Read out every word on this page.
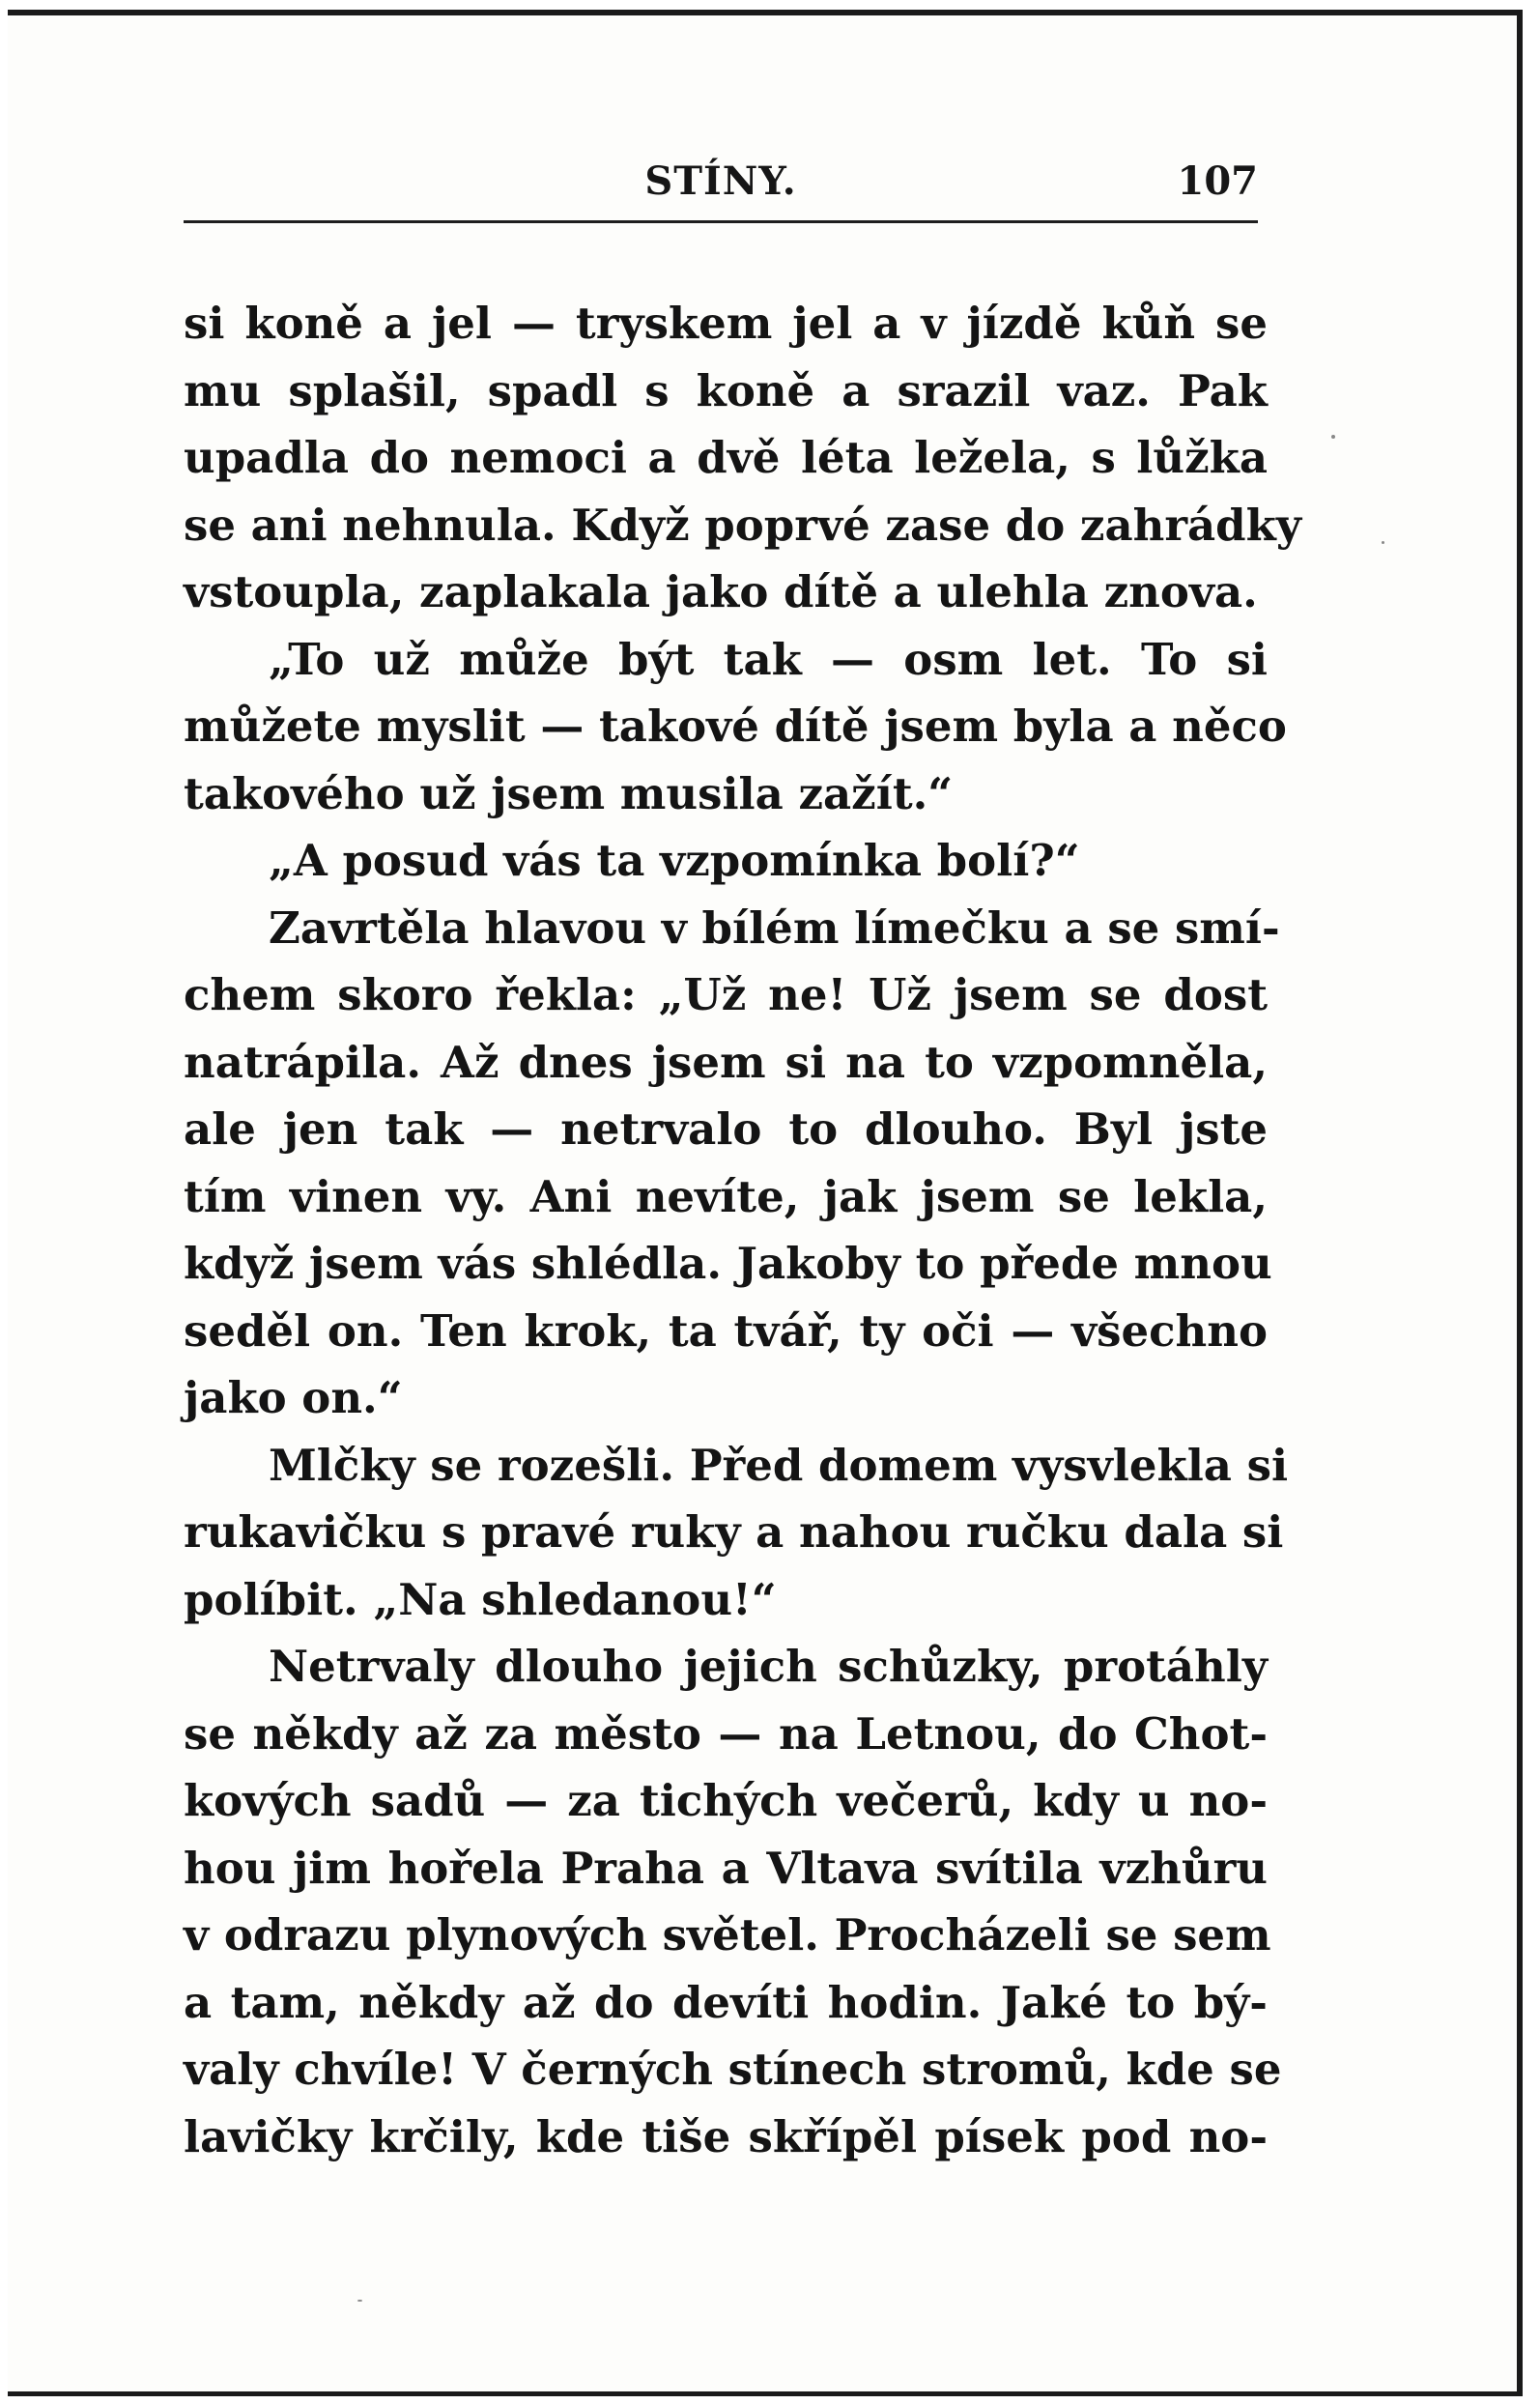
STÍNY.	107
si koně a jel — tryskem jel a v jízdě kůň se
mu splašil, spadl s koně a srazil vaz. Pak
upadla do nemoci a dvě léta ležela, s lůžka
se ani nehnula. Když poprvé zase do zahrádky
vstoupla, zaplakala jako dítě a ulehla znova.
„To už může být tak — osm let. To si
můžete myslit — takové dítě jsem byla a něco
takového už jsem musila zažít.“
„A posud vás ta vzpomínka bolí?“
Zavrtěla hlavou v bílém límečku a se smí-
chem skoro řekla: „Už ne! Už jsem se dost
natrápila. Až dnes jsem si na to vzpomněla,
ale jen tak — netrvalo to dlouho. Byl jste
tím vinen vy. Ani nevíte, jak jsem se lekla,
když jsem vás shlédla. Jakoby to přede mnou
seděl on. Ten krok, ta tvář, ty oči — všechno
jako on.“
Mlčky se rozešli. Před domem vysvlekla si
rukavičku s pravé ruky a nahou ručku dala si
políbit. „Na shledanou!“
Netrvaly dlouho jejich schůzky, protáhly
se někdy až za město — na Letnou, do Chot-
kových sadů — za tichých večerů, kdy u no-
hou jim hořela Praha a Vltava svítila vzhůru
v odrazu plynových světel. Procházeli se sem
a tam, někdy až do devíti hodin. Jaké to bý-
valy chvíle! V černých stínech stromů, kde se
lavičky krčily, kde tiše skřípěl písek pod no-
